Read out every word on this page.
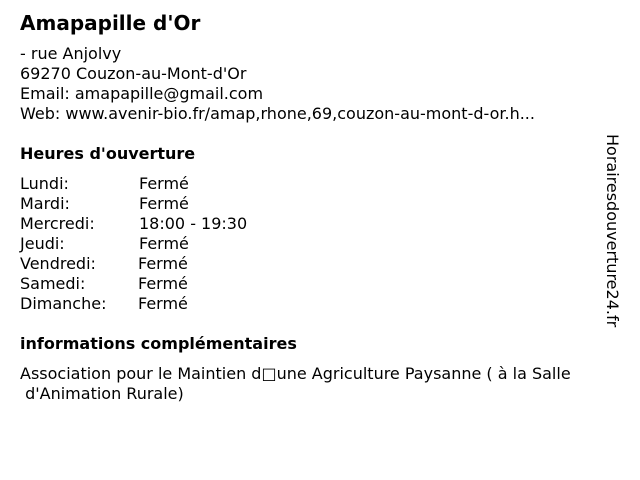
Amapapille d'Or
- rue Anjolvy
69270 Couzon-au-Mont-d'Or
Email: amapapille@gmail.com
Web: www.avenir-bio.fr/amap,rhone,69,couzon-au-mont-d-or.h...
Heures d'ouverture
Lundi:	Fermé
Mardi:	Fermé
Mercredi:	18:00 - 19:30
Jeudi:	Fermé
Vendredi:	Fermé
Samedi:	Fermé
Dimanche: Fermé
informations complémentaires
Association pour le Maintien d□une Agriculture Paysanne ( à la Salle
d'Animation Rurale)
Horairesdouverture24.fr
